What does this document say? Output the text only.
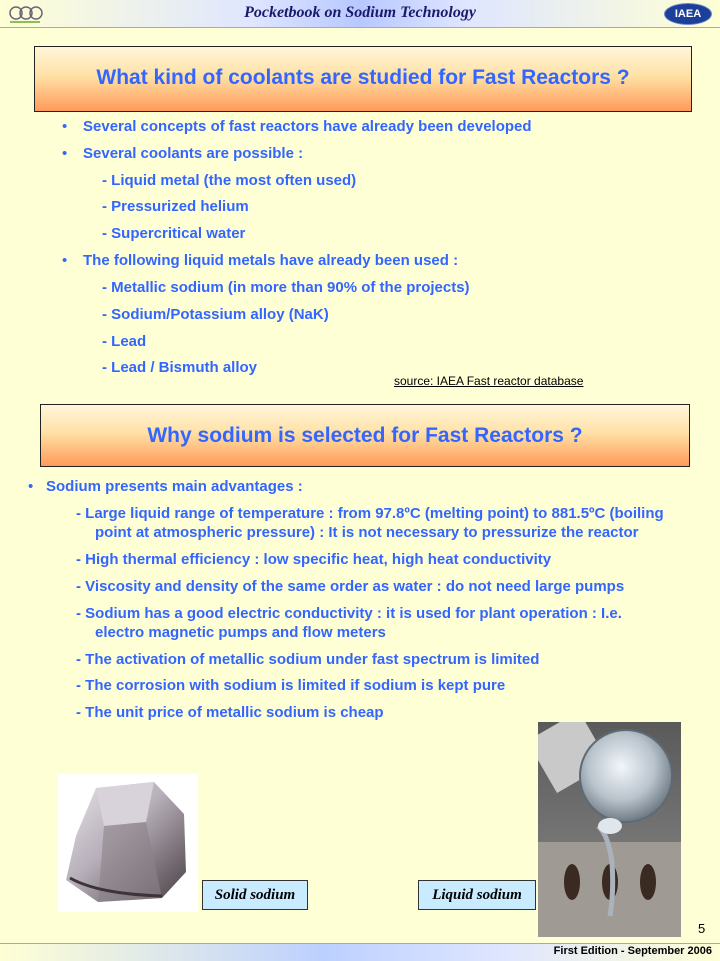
Pocketbook on Sodium Technology	IAEA
What kind of coolants are studied for Fast Reactors ?
• Several concepts of fast reactors have already been developed
• Several coolants are possible :
- Liquid metal (the most often used)
- Pressurized helium
- Supercritical water
• The following liquid metals have already been used :
- Metallic sodium (in more than 90% of the projects)
- Sodium/Potassium alloy (NaK)
- Lead
- Lead / Bismuth alloy
source: IAEA Fast reactor database
Why sodium is selected for Fast Reactors ?
• Sodium presents main advantages :
- Large liquid range of temperature : from 97.8ºC (melting point) to 881.5ºC (boiling
point at atmospheric pressure) : It is not necessary to pressurize the reactor
- High thermal efficiency : low specific heat, high heat conductivity
- Viscosity and density of the same order as water : do not need large pumps
- Sodium has a good electric conductivity : it is used for plant operation : I.e.
electro magnetic pumps and flow meters
- The activation of metallic sodium under fast spectrum is limited
- The corrosion with sodium is limited if sodium is kept pure
- The unit price of metallic sodium is cheap
Solid sodium	Liquid sodium
5
First Edition - September 2006
